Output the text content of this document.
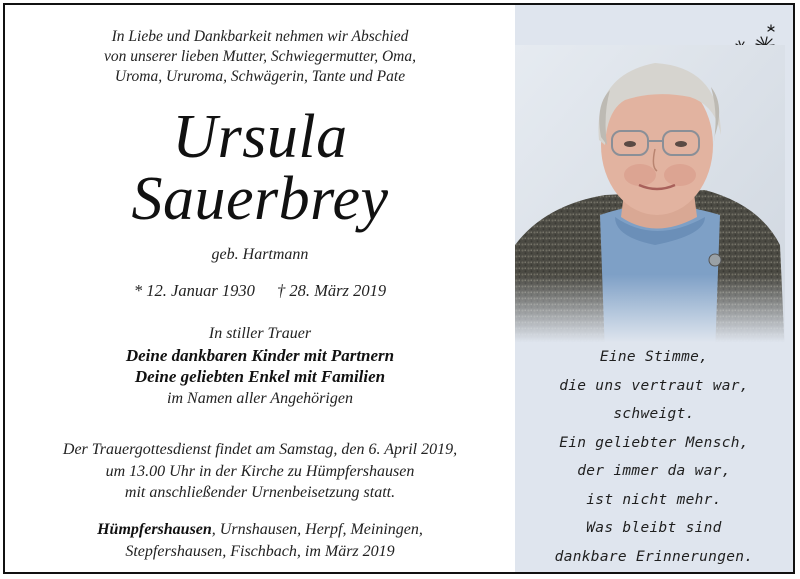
In Liebe und Dankbarkeit nehmen wir Abschied
von unserer lieben Mutter, Schwiegermutter, Oma,
Uroma, Ururoma, Schwägerin, Tante und Pate
Ursula
Sauerbrey
geb. Hartmann
* 12. Januar 1930 † 28. März 2019
In stiller Trauer
Deine dankbaren Kinder mit Partnern
Deine geliebten Enkel mit Familien
im Namen aller Angehörigen
Der Trauergottesdienst findet am Samstag, den 6. April 2019,
um 13.00 Uhr in der Kirche zu Hümpfershausen
mit anschließender Urnenbeisetzung statt.
Hümpfershausen, Urnshausen, Herpf, Meiningen,
Stepfershausen, Fischbach, im März 2019
Eine Stimme,
die uns vertraut war,
schweigt.
Ein geliebter Mensch,
der immer da war,
ist nicht mehr.
Was bleibt sind
dankbare Erinnerungen.
